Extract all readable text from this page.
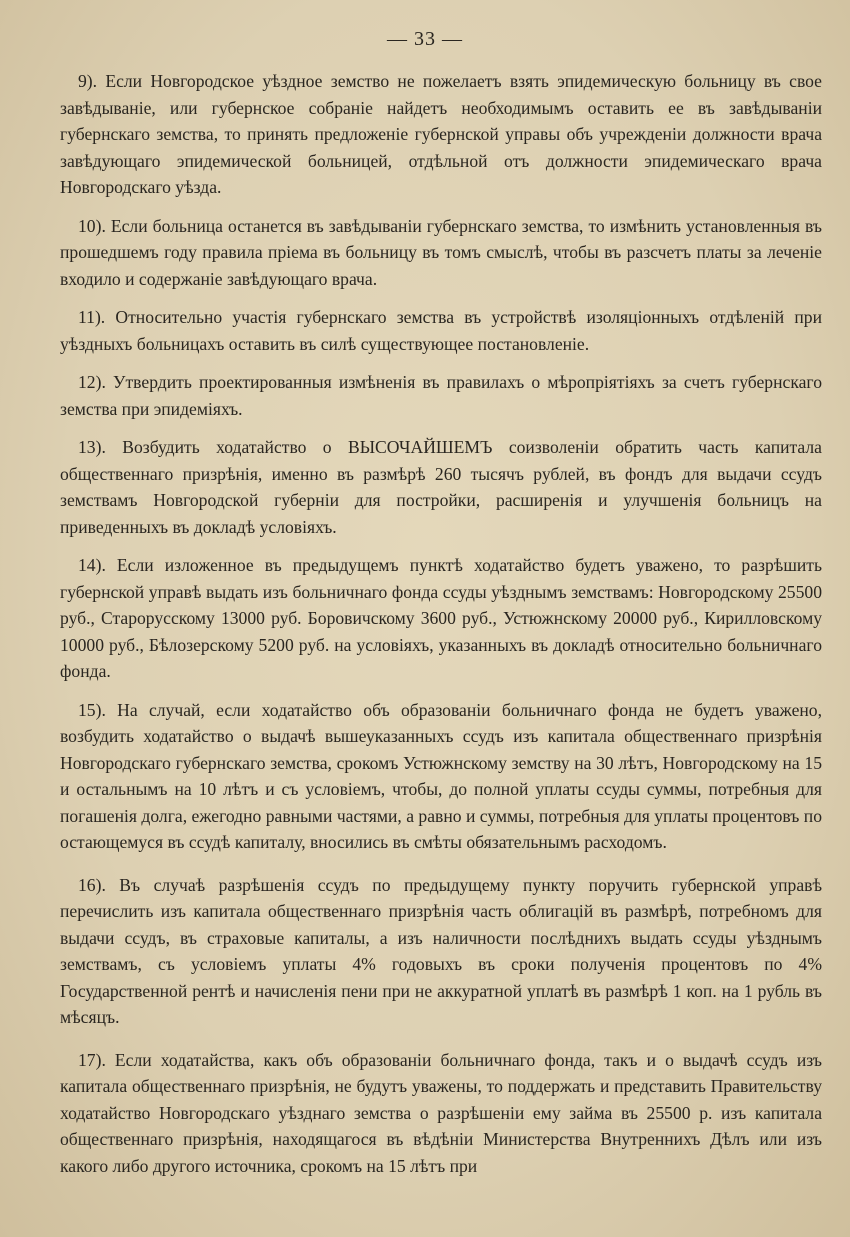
— 33 —

9). Если Новгородское уѣздное земство не пожелаетъ взять эпидемическую больницу въ свое завѣдываніе, или губернское собраніе найдетъ необходимымъ оставить ее въ завѣдываніи губернскаго земства, то принять предложеніе губернской управы объ учрежденіи должности врача завѣдующаго эпидемической больницей, отдѣльной отъ должности эпидемическаго врача Новгородскаго уѣзда.

10). Если больница останется въ завѣдываніи губернскаго земства, то измѣнить установленныя въ прошедшемъ году правила пріема въ больницу въ томъ смыслѣ, чтобы въ разсчетъ платы за леченіе входило и содержаніе завѣдующаго врача.

11). Относительно участія губернскаго земства въ устройствѣ изоляціонныхъ отдѣленій при уѣздныхъ больницахъ оставить въ силѣ существующее постановленіе.

12). Утвердить проектированныя измѣненія въ правилахъ о мѣропріятіяхъ за счетъ губернскаго земства при эпидеміяхъ.

13). Возбудить ходатайство о ВЫСОЧАЙШЕМЪ соизволеніи обратить часть капитала общественнаго призрѣнія, именно въ размѣрѣ 260 тысячъ рублей, въ фондъ для выдачи ссудъ земствамъ Новгородской губерніи для постройки, расширенія и улучшенія больницъ на приведенныхъ въ докладѣ условіяхъ.

14). Если изложенное въ предыдущемъ пунктѣ ходатайство будетъ уважено, то разрѣшить губернской управѣ выдать изъ больничнаго фонда ссуды уѣзднымъ земствамъ: Новгородскому 25500 руб., Староруcскому 13000 руб. Боровичскому 3600 руб., Устюжнскому 20000 руб., Кирилловскому 10000 руб., Бѣлозерскому 5200 руб. на условіяхъ, указанныхъ въ докладѣ относительно больничнаго фонда.

15). На случай, если ходатайство объ образованіи больничнаго фонда не будетъ уважено, возбудить ходатайство о выдачѣ вышеуказанныхъ ссудъ изъ капитала общественнаго призрѣнія Новгородскаго губернскаго земства, срокомъ Устюжнскому земству на 30 лѣтъ, Новгородскому на 15 и остальнымъ на 10 лѣтъ и съ условіемъ, чтобы, до полной уплаты ссуды суммы, потребныя для погашенія долга, ежегодно равными частями, а равно и суммы, потребныя для уплаты процентовъ по остающемуся въ ссудѣ капиталу, вносились въ смѣты обязательнымъ расходомъ.

16). Въ случаѣ разрѣшенія ссудъ по предыдущему пункту поручить губернской управѣ перечислить изъ капитала общественнаго призрѣнія часть облигацій въ размѣрѣ, потребномъ для выдачи ссудъ, въ страховые капиталы, а изъ наличности послѣднихъ выдать ссуды уѣзднымъ земствамъ, съ условіемъ уплаты 4% годовыхъ въ сроки полученія процентовъ по 4% Государственной рентѣ и начисленія пени при не аккуратной уплатѣ въ размѣрѣ 1 коп. на 1 рубль въ мѣсяцъ.

17). Если ходатайства, какъ объ образованіи больничнаго фонда, такъ и о выдачѣ ссудъ изъ капитала общественнаго призрѣнія, не будутъ уважены, то поддержать и представить Правительству ходатайство Новгородскаго уѣзднаго земства о разрѣшеніи ему займа въ 25500 р. изъ капитала общественнаго призрѣнія, находящагося въ вѣдѣніи Министерства Внутреннихъ Дѣлъ или изъ какого либо другого источника, срокомъ на 15 лѣтъ при
